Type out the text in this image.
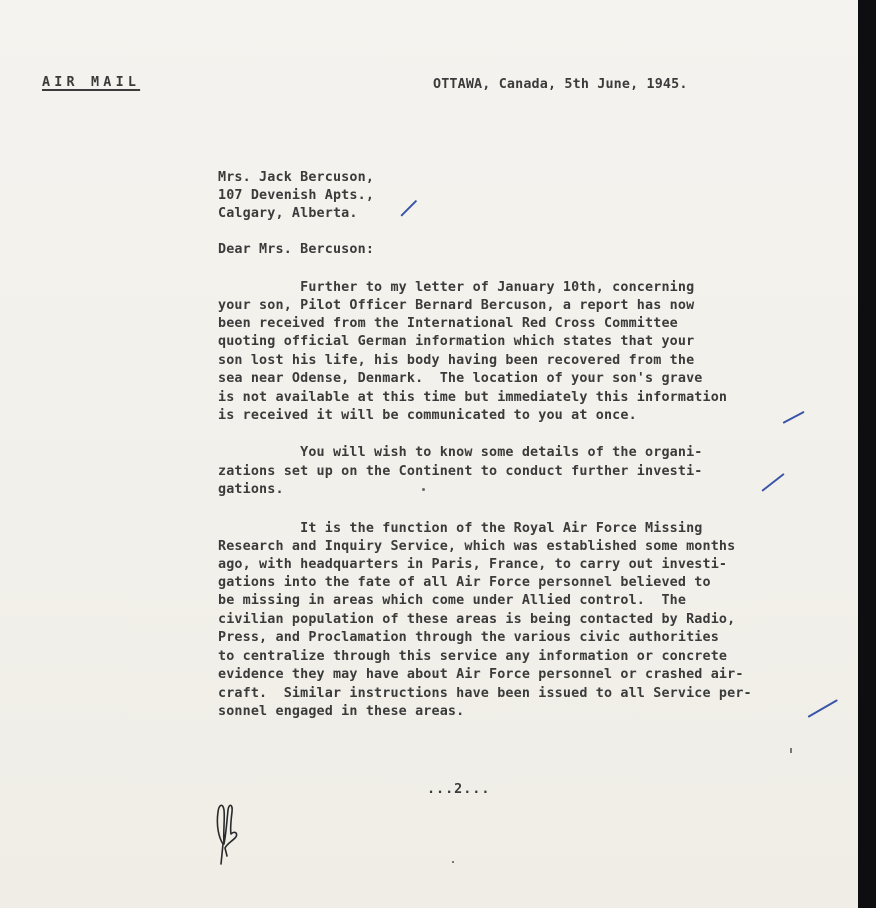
AIR MAIL	OTTAWA, Canada, 5th June, 1945.
Mrs. Jack Bercuson,
107 Devenish Apts.,
Calgary, Alberta.
Dear Mrs. Bercuson:
Further to my letter of January 10th, concerning
your son, Pilot Officer Bernard Bercuson, a report has now
been received from the International Red Cross Committee
quoting official German information which states that your
son lost his life, his body having been recovered from the
sea near Odense, Denmark.  The location of your son's grave
is not available at this time but immediately this information
is received it will be communicated to you at once.
You will wish to know some details of the organi-
zations set up on the Continent to conduct further investi-
gations.
It is the function of the Royal Air Force Missing
Research and Inquiry Service, which was established some months
ago, with headquarters in Paris, France, to carry out investi-
gations into the fate of all Air Force personnel believed to
be missing in areas which come under Allied control.  The
civilian population of these areas is being contacted by Radio,
Press, and Proclamation through the various civic authorities
to centralize through this service any information or concrete
evidence they may have about Air Force personnel or crashed air-
craft.  Similar instructions have been issued to all Service per-
sonnel engaged in these areas.
...2...
